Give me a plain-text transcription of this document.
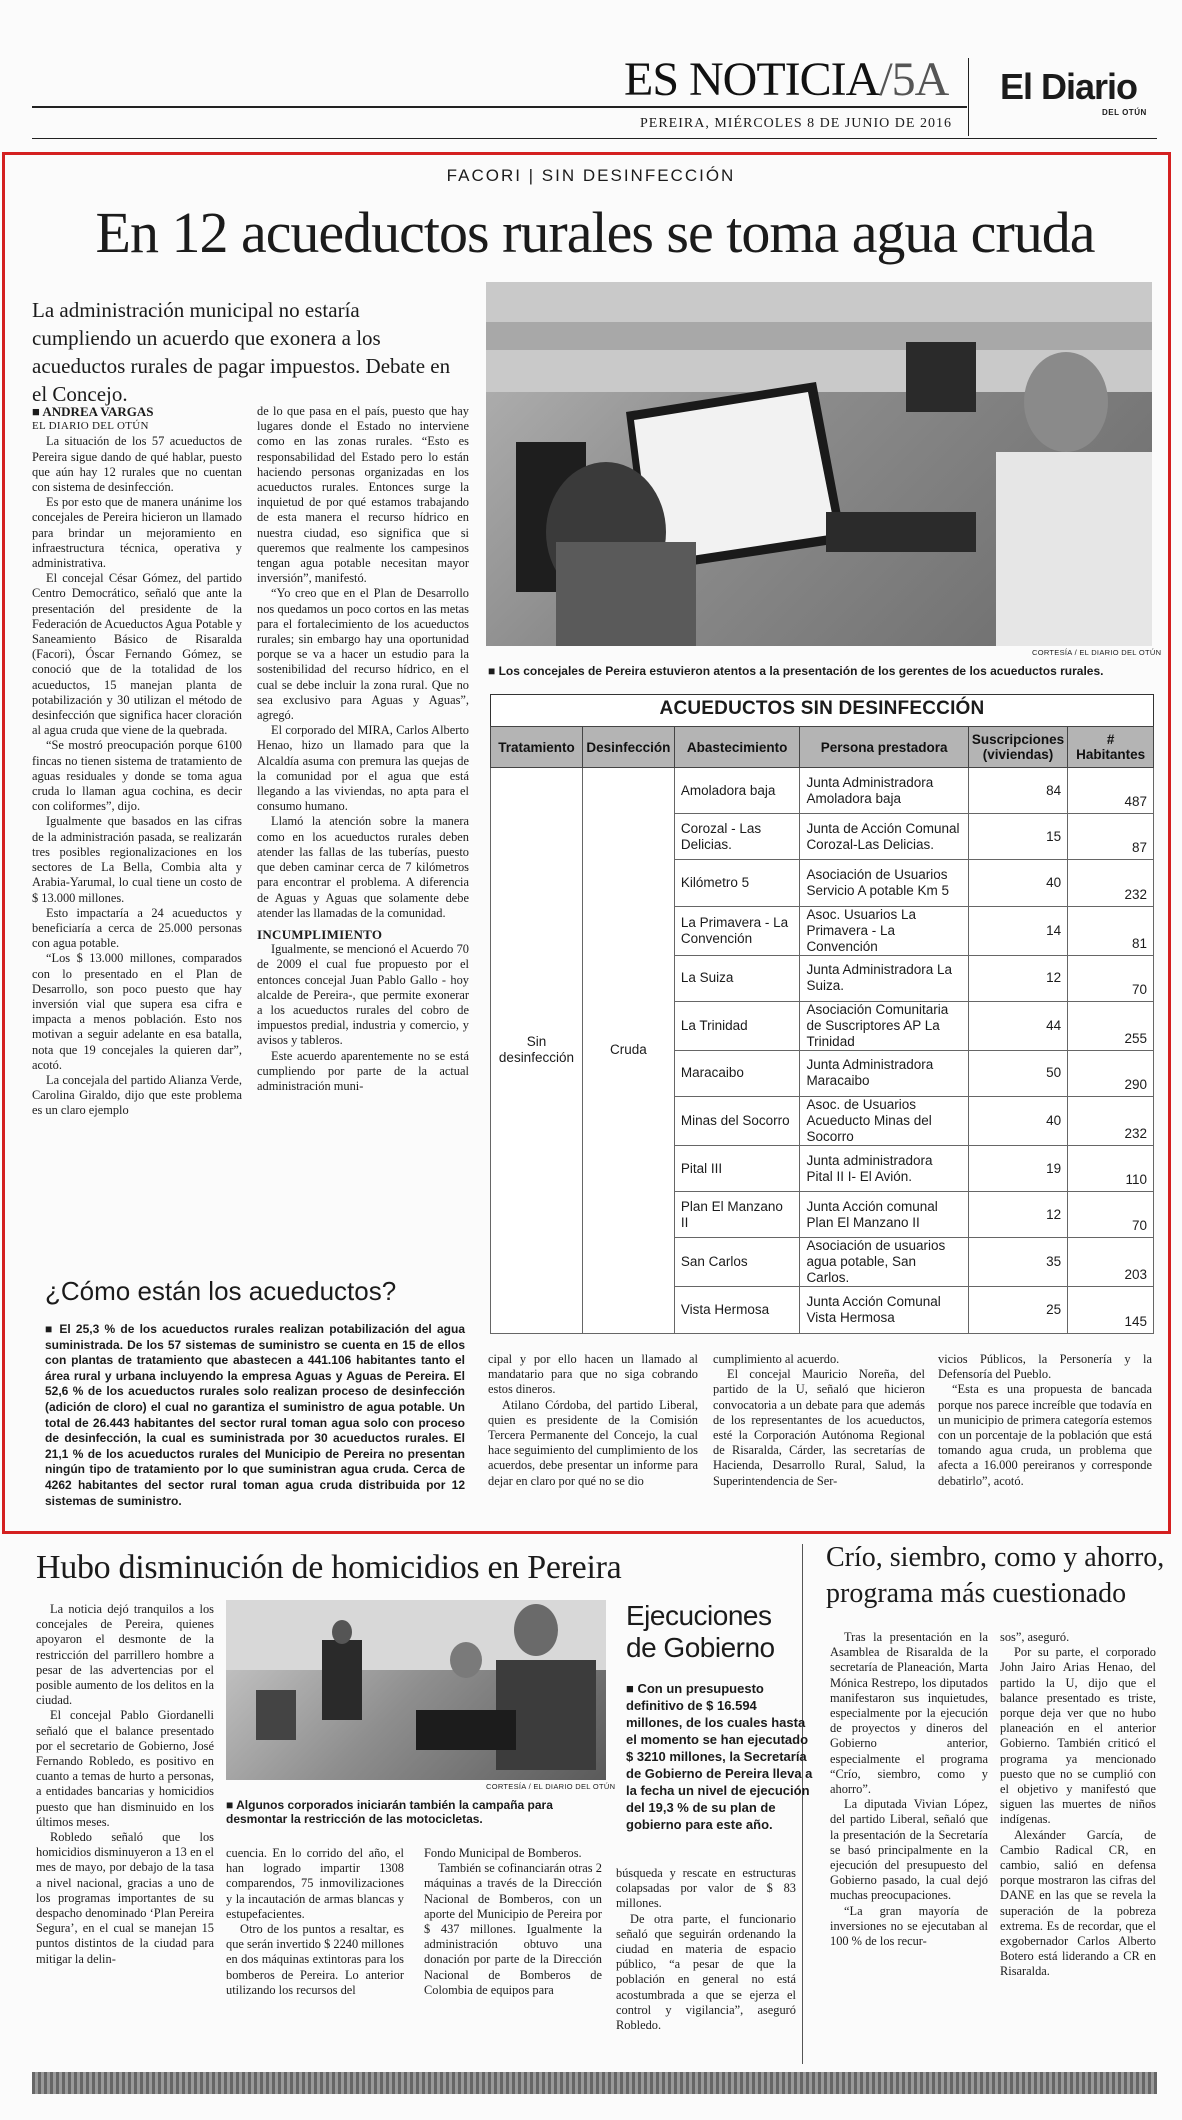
ES NOTICIA/5A
PEREIRA, MIÉRCOLES 8 DE JUNIO DE 2016
El Diario
DEL OTÚN
FACORI | SIN DESINFECCIÓN
En 12 acueductos rurales se toma agua cruda
La administración municipal no estaría cumpliendo un acuerdo que exonera a los acueductos rurales de pagar impuestos. Debate en el Concejo.
■ ANDREA VARGAS
EL DIARIO DEL OTÚN

La situación de los 57 acueductos de Pereira sigue dando de qué hablar, puesto que aún hay 12 rurales que no cuentan con sistema de desinfección.

Es por esto que de manera unánime los concejales de Pereira hicieron un llamado para brindar un mejoramiento en infraestructura técnica, operativa y administrativa.

El concejal César Gómez, del partido Centro Democrático, señaló que ante la presentación del presidente de la Federación de Acueductos Agua Potable y Saneamiento Básico de Risaralda (Facori), Óscar Fernando Gómez, se conoció que de la totalidad de los acueductos, 15 manejan planta de potabilización y 30 utilizan el método de desinfección que significa hacer cloración al agua cruda que viene de la quebrada.

“Se mostró preocupación porque 6100 fincas no tienen sistema de tratamiento de aguas residuales y donde se toma agua cruda lo llaman agua cochina, es decir con coliformes”, dijo.

Igualmente que basados en las cifras de la administración pasada, se realizarán tres posibles regionalizaciones en los sectores de La Bella, Combia alta y Arabia-Yarumal, lo cual tiene un costo de $ 13.000 millones.

Esto impactaría a 24 acueductos y beneficiaría a cerca de 25.000 personas con agua potable.

“Los $ 13.000 millones, comparados con lo presentado en el Plan de Desarrollo, son poco puesto que hay inversión vial que supera esa cifra e impacta a menos población. Esto nos motivan a seguir adelante en esa batalla, nota que 19 concejales la quieren dar”, acotó.

La concejala del partido Alianza Verde, Carolina Giraldo, dijo que este problema es un claro ejemplo

de lo que pasa en el país, puesto que hay lugares donde el Estado no interviene como en las zonas rurales. “Esto es responsabilidad del Estado pero lo están haciendo personas organizadas en los acueductos rurales. Entonces surge la inquietud de por qué estamos trabajando de esta manera el recurso hídrico en nuestra ciudad, eso significa que si queremos que realmente los campesinos tengan agua potable necesitan mayor inversión”, manifestó.

“Yo creo que en el Plan de Desarrollo nos quedamos un poco cortos en las metas para el fortalecimiento de los acueductos rurales; sin embargo hay una oportunidad porque se va a hacer un estudio para la sostenibilidad del recurso hídrico, en el cual se debe incluir la zona rural. Que no sea exclusivo para Aguas y Aguas”, agregó.

El corporado del MIRA, Carlos Alberto Henao, hizo un llamado para que la Alcaldía asuma con premura las quejas de la comunidad por el agua que está llegando a las viviendas, no apta para el consumo humano.

Llamó la atención sobre la manera como en los acueductos rurales deben atender las fallas de las tuberías, puesto que deben caminar cerca de 7 kilómetros para encontrar el problema. A diferencia de Aguas y Aguas que solamente debe atender las llamadas de la comunidad.

INCUMPLIMIENTO

Igualmente, se mencionó el Acuerdo 70 de 2009 el cual fue propuesto por el entonces concejal Juan Pablo Gallo - hoy alcalde de Pereira-, que permite exonerar a los acueductos rurales del cobro de impuestos predial, industria y comercio, y avisos y tableros.

Este acuerdo aparentemente no se está cumpliendo por parte de la actual administración muni-

CORTESÍA / EL DIARIO DEL OTÚN
■ Los concejales de Pereira estuvieron atentos a la presentación de los gerentes de los acueductos rurales.
ACUEDUCTOS SIN DESINFECCIÓN
Tratamiento	Desinfección	Abastecimiento	Persona prestadora	Suscripciones (viviendas)	# Habitantes
Sin desinfección	Cruda	Amoladora baja	Junta Administradora Amoladora baja	84	487
		Corozal - Las Delicias.	Junta de Acción Comunal Corozal-Las Delicias.	15	87
		Kilómetro 5	Asociación de Usuarios Servicio A potable Km 5	40	232
		La Primavera - La Convención	Asoc. Usuarios La Primavera - La Convención	14	81
		La Suiza	Junta Administradora La Suiza.	12	70
		La Trinidad	Asociación Comunitaria de Suscriptores AP La Trinidad	44	255
		Maracaibo	Junta Administradora Maracaibo	50	290
		Minas del Socorro	Asoc. de Usuarios Acueducto Minas del Socorro	40	232
		Pital III	Junta administradora Pital II I- El Avión.	19	110
		Plan El Manzano II	Junta Acción comunal Plan El Manzano II	12	70
		San Carlos	Asociación de usuarios agua potable, San Carlos.	35	203
		Vista Hermosa	Junta Acción Comunal Vista Hermosa	25	145
¿Cómo están los acueductos?
■ El 25,3 % de los acueductos rurales realizan potabilización del agua suministrada. De los 57 sistemas de suministro se cuenta en 15 de ellos con plantas de tratamiento que abastecen a 441.106 habitantes tanto el área rural y urbana incluyendo la empresa Aguas y Aguas de Pereira. El 52,6 % de los acueductos rurales solo realizan proceso de desinfección (adición de cloro) el cual no garantiza el suministro de agua potable. Un total de 26.443 habitantes del sector rural toman agua solo con proceso de desinfección, la cual es suministrada por 30 acueductos rurales. El 21,1 % de los acueductos rurales del Municipio de Pereira no presentan ningún tipo de tratamiento por lo que suministran agua cruda. Cerca de 4262 habitantes del sector rural toman agua cruda distribuida por 12 sistemas de suministro.

cipal y por ello hacen un llamado al mandatario para que no siga cobrando estos dineros.

Atilano Córdoba, del partido Liberal, quien es presidente de la Comisión Tercera Permanente del Concejo, la cual hace seguimiento del cumplimiento de los acuerdos, debe presentar un informe para dejar en claro por qué no se dio

cumplimiento al acuerdo.

El concejal Mauricio Noreña, del partido de la U, señaló que hicieron convocatoria a un debate para que además de los representantes de los acueductos, esté la Corporación Autónoma Regional de Risaralda, Cárder, las secretarías de Hacienda, Desarrollo Rural, Salud, la Superintendencia de Ser-

vicios Públicos, la Personería y la Defensoría del Pueblo.

“Esta es una propuesta de bancada porque nos parece increíble que todavía en un municipio de primera categoría estemos con un porcentaje de la población que está tomando agua cruda, un problema que afecta a 16.000 pereiranos y corresponde debatirlo”, acotó.

Hubo disminución de homicidios en Pereira

La noticia dejó tranquilos a los concejales de Pereira, quienes apoyaron el desmonte de la restricción del parrillero hombre a pesar de las advertencias por el posible aumento de los delitos en la ciudad.

El concejal Pablo Giordanelli señaló que el balance presentado por el secretario de Gobierno, José Fernando Robledo, es positivo en cuanto a temas de hurto a personas, a entidades bancarias y homicidios puesto que han disminuido en los últimos meses.

Robledo señaló que los homicidios disminuyeron a 13 en el mes de mayo, por debajo de la tasa a nivel nacional, gracias a uno de los programas importantes de su despacho denominado ‘Plan Pereira Segura’, en el cual se manejan 15 puntos distintos de la ciudad para mitigar la delin-

CORTESÍA / EL DIARIO DEL OTÚN
■ Algunos corporados iniciarán también la campaña para desmontar la restricción de las motocicletas.

cuencia. En lo corrido del año, el han logrado impartir 1308 comparendos, 75 inmovilizaciones y la incautación de armas blancas y estupefacientes.

Otro de los puntos a resaltar, es que serán invertido $ 2240 millones en dos máquinas extintoras para los bomberos de Pereira. Lo anterior utilizando los recursos del

Fondo Municipal de Bomberos.

También se cofinanciarán otras 2 máquinas a través de la Dirección Nacional de Bomberos, con un aporte del Municipio de Pereira por $ 437 millones. Igualmente la administración obtuvo una donación por parte de la Dirección Nacional de Bomberos de Colombia de equipos para

búsqueda y rescate en estructuras colapsadas por valor de $ 83 millones.

De otra parte, el funcionario señaló que seguirán ordenando la ciudad en materia de espacio público, “a pesar de que la población en general no está acostumbrada a que se ejerza el control y vigilancia”, aseguró Robledo.

Ejecuciones de Gobierno
■ Con un presupuesto definitivo de $ 16.594 millones, de los cuales hasta el momento se han ejecutado $ 3210 millones, la Secretaría de Gobierno de Pereira lleva a la fecha un nivel de ejecución del 19,3 % de su plan de gobierno para este año.
Crío, siembro, como y ahorro, programa más cuestionado

Tras la presentación en la Asamblea de Risaralda de la secretaría de Planeación, Marta Mónica Restrepo, los diputados manifestaron sus inquietudes, especialmente por la ejecución de proyectos y dineros del Gobierno anterior, especialmente el programa “Crío, siembro, como y ahorro”.

La diputada Vivian López, del partido Liberal, señaló que la presentación de la Secretaría se basó principalmente en la ejecución del presupuesto del Gobierno pasado, la cual dejó muchas preocupaciones.

“La gran mayoría de inversiones no se ejecutaban al 100 % de los recur-

sos”, aseguró.

Por su parte, el corporado John Jairo Arias Henao, del partido la U, dijo que el balance presentado es triste, porque deja ver que no hubo planeación en el anterior Gobierno. También criticó el programa ya mencionado puesto que no se cumplió con el objetivo y manifestó que siguen las muertes de niños indígenas.

Alexánder García, de Cambio Radical CR, en cambio, salió en defensa porque mostraron las cifras del DANE en las que se revela la superación de la pobreza extrema. Es de recordar, que el exgobernador Carlos Alberto Botero está liderando a CR en Risaralda.
